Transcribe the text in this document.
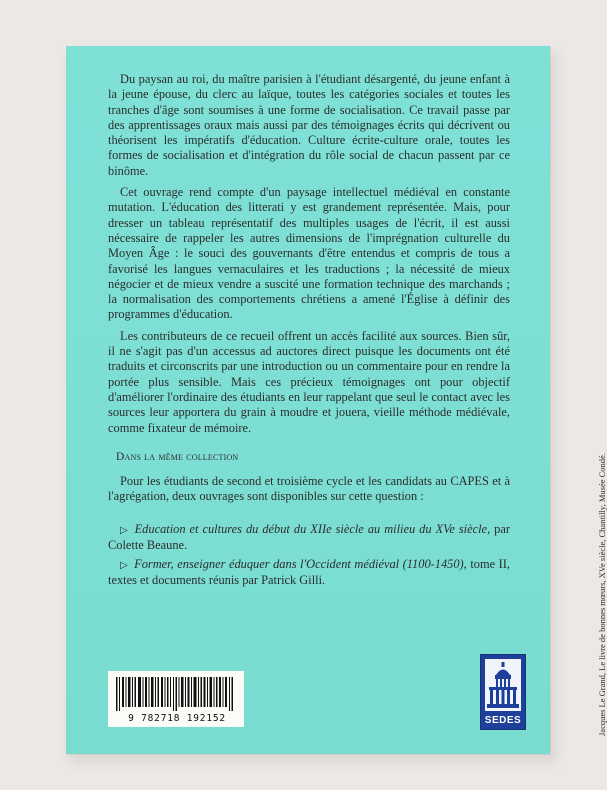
Du paysan au roi, du maître parisien à l'étudiant désargenté, du jeune enfant à la jeune épouse, du clerc au laïque, toutes les catégories sociales et toutes les tranches d'âge sont soumises à une forme de socialisation. Ce travail passe par des apprentissages oraux mais aussi par des témoignages écrits qui décrivent ou théorisent les impératifs d'éducation. Culture écrite-culture orale, toutes les formes de socialisation et d'intégration du rôle social de chacun passent par ce binôme.

Cet ouvrage rend compte d'un paysage intellectuel médiéval en constante mutation. L'éducation des litterati y est grandement représentée. Mais, pour dresser un tableau représentatif des multiples usages de l'écrit, il est aussi nécessaire de rappeler les autres dimensions de l'imprégnation culturelle du Moyen Âge : le souci des gouvernants d'être entendus et compris de tous a favorisé les langues vernaculaires et les traductions ; la nécessité de mieux négocier et de mieux vendre a suscité une formation technique des marchands ; la normalisation des comportements chrétiens a amené l'Église à définir des programmes d'éducation.

Les contributeurs de ce recueil offrent un accès facilité aux sources. Bien sûr, il ne s'agit pas d'un accessus ad auctores direct puisque les documents ont été traduits et circonscrits par une introduction ou un commentaire pour en rendre la portée plus sensible. Mais ces précieux témoignages ont pour objectif d'améliorer l'ordinaire des étudiants en leur rappelant que seul le contact avec les sources leur apportera du grain à moudre et jouera, vieille méthode médiévale, comme fixateur de mémoire.

Dans la même collection

Pour les étudiants de second et troisième cycle et les candidats au CAPES et à l'agrégation, deux ouvrages sont disponibles sur cette question :

▷ Education et cultures du début du XIIe siècle au milieu du XVe siècle, par Colette Beaune.

▷ Former, enseigner éduquer dans l'Occident médiéval (1100-1450), tome II, textes et documents réunis par Patrick Gilli.

9 782718 192152	SEDES	Jacques Le Grand, Le livre de bonnes mœurs, XVe siècle, Chantilly, Musée Condé.
